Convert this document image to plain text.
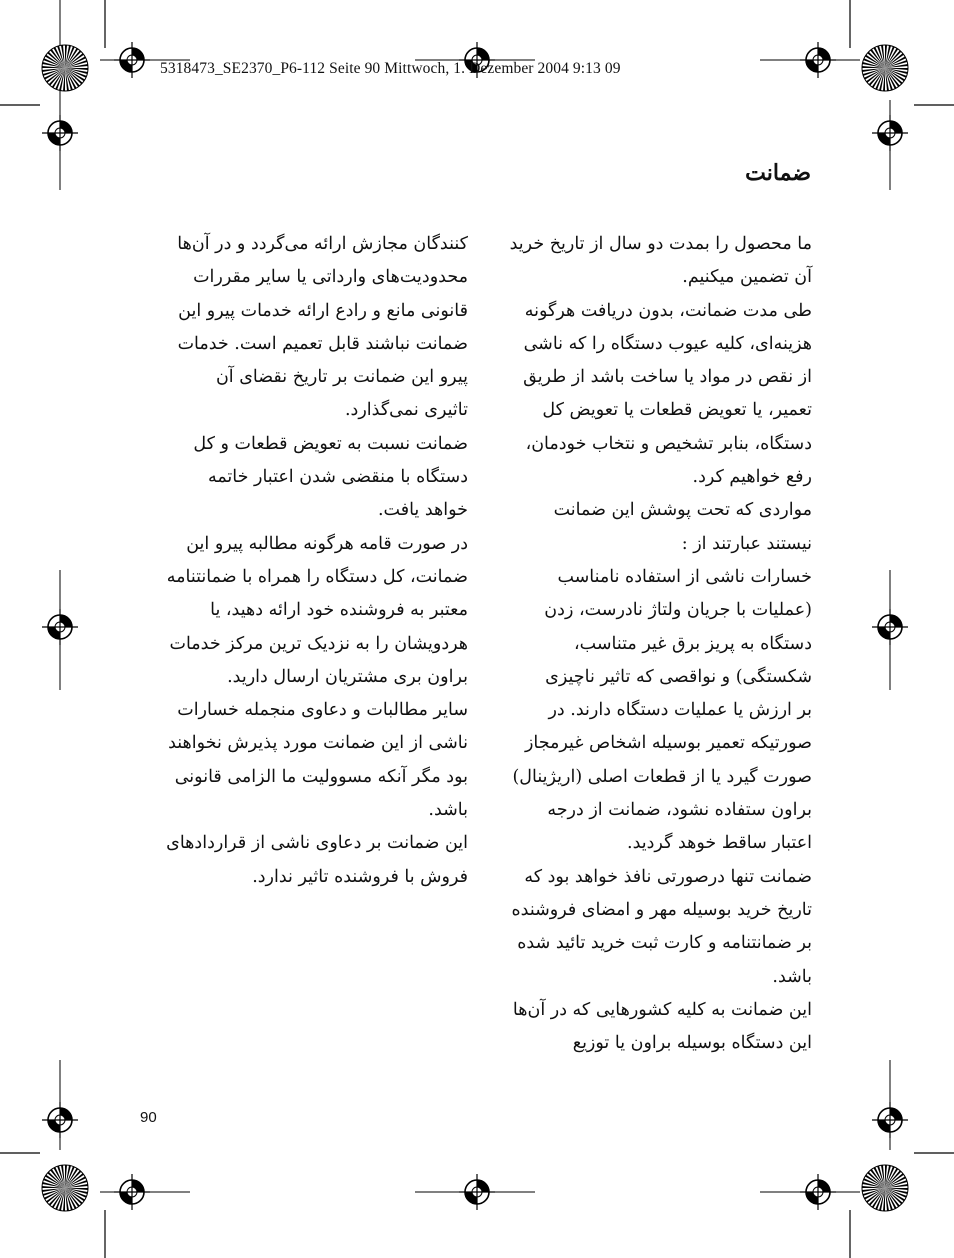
5318473_SE2370_P6-112 Seite 90 Mittwoch, 1. Dezember 2004 9:13 09
ضمانت

ما محصول را بمدت دو سال از تاریخ خرید

آن تضمین میکنیم.

طی مدت ضمانت، بدون دریافت هرگونه

هزینه‌ای، کلیه عیوب دستگاه را که ناشی

از نقص در مواد یا ساخت باشد از طریق

تعمیر، یا تعویض قطعات یا تعویض کل

دستگاه، بنابر تشخیص و نتخاب خودمان،

رفع خواهیم کرد.

مواردی که تحت پوشش این ضمانت

نیستند عبارتند از :

خسارات ناشی از استفاده نامناسب

(عملیات با جریان ولتاژ نادرست، زدن

دستگاه به پریز برق غیر متناسب،

شکستگی) و نواقصی که تاثیر ناچیزی

بر ارزش یا عملیات دستگاه دارند. در

صورتیکه تعمیر بوسیله اشخاص غیرمجاز

صورت گیرد یا از قطعات اصلی (اریژینال)

براون ستفاده نشود، ضمانت از درجه

اعتبار ساقط خوهد گردید.

ضمانت تنها درصورتی نافذ خواهد بود که

تاریخ خرید بوسیله مهر و امضای فروشنده

بر ضمانتنامه و کارت ثبت خرید تائید شده

باشد.

این ضمانت به کلیه کشورهایی که در آن‌ها

این دستگاه بوسیله براون یا توزیع

کنندگان مجازش ارائه می‌گردد و در آن‌ها

محدودیت‌های وارداتی یا سایر مقررات

قانونی مانع و رادع ارائه خدمات پیرو این

ضمانت نباشند قابل تعمیم است. خدمات

پیرو این ضمانت بر تاریخ نقضای آن

تاثیری نمی‌گذارد.

ضمانت نسبت به تعویض قطعات و کل

دستگاه با منقضی شدن اعتبار خاتمه

خواهد یافت.

در صورت قامه هرگونه مطالبه پیرو این

ضمانت، کل دستگاه را همراه با ضمانتنامه

معتبر به فروشنده خود ارائه دهید، یا

هردویشان را به نزدیک ترین مرکز خدمات

براون بری مشتریان ارسال دارید.

سایر مطالبات و دعاوی منجمله خسارات

ناشی از این ضمانت مورد پذیرش نخواهند

بود مگر آنکه مسوولیت ما الزامی قانونی

باشد.

این ضمانت بر دعاوی ناشی از قراردادهای

فروش با فروشنده تاثیر ندارد.

90
